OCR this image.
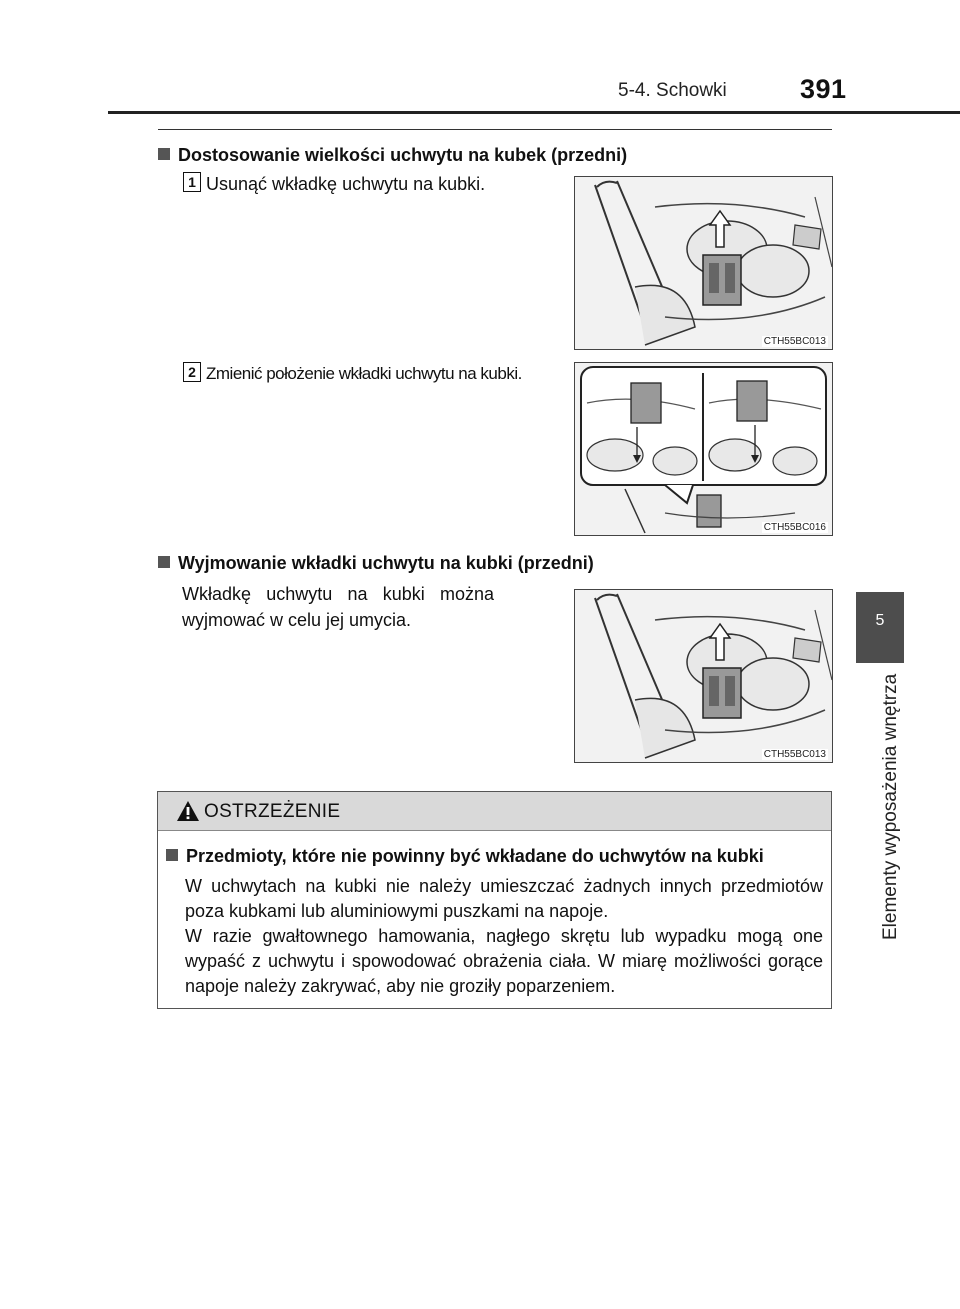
5-4. Schowki	391
5
Elementy wyposażenia wnętrza
Dostosowanie wielkości uchwytu na kubek (przedni)
1 Usunąć wkładkę uchwytu na kubki.
CTH55BC013
2 Zmienić położenie wkładki uchwytu na kubki.
CTH55BC016
Wyjmowanie wkładki uchwytu na kubki (przedni)
Wkładkę uchwytu na kubki można
wyjmować w celu jej umycia.
CTH55BC013
OSTRZEŻENIE
Przedmioty, które nie powinny być wkładane do uchwytów na kubki

W uchwytach na kubki nie należy umieszczać żadnych innych przedmiotów poza kubkami lub aluminiowymi puszkami na napoje.

W razie gwałtownego hamowania, nagłego skrętu lub wypadku mogą one wypaść z uchwytu i spowodować obrażenia ciała. W miarę możliwości gorące napoje należy zakrywać, aby nie groziły poparzeniem.
